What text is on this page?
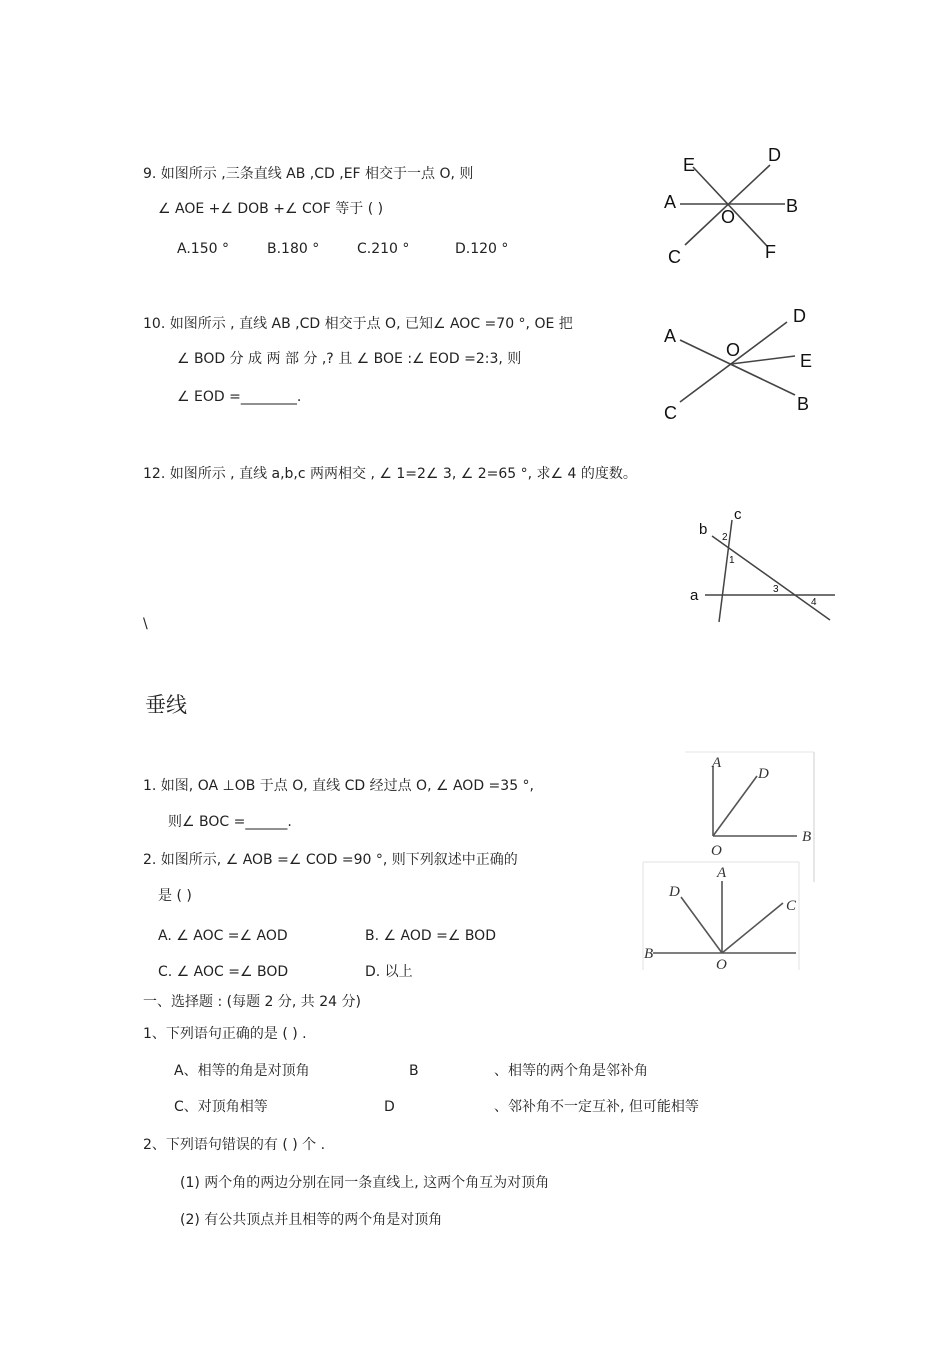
9. 如图所示 ,三条直线 AB ,CD ,EF 相交于一点 O, 则
∠ AOE +∠ DOB +∠ COF 等于 ( )
A.150 °	B.180 °	C.210 °	D.120 °
E	D
A
O
B
C	F
10. 如图所示 , 直线 AB ,CD 相交于点 O, 已知∠ AOC =70 °, OE 把
∠ BOD 分 成 两 部 分 ,? 且 ∠ BOE :∠ EOD =2:3, 则
∠ EOD =________.
A
D
O
E
C	B
12. 如图所示 , 直线 a,b,c 两两相交 , ∠ 1=2∠ 3, ∠ 2=65 °, 求∠ 4 的度数。
\
b
c
a
1
2
3
4
垂线
1. 如图, OA ⊥OB 于点 O, 直线 CD 经过点 O, ∠ AOD =35 °,
则∠ BOC =______.
A
D
O
B
2. 如图所示, ∠ AOB =∠ COD =90 °, 则下列叙述中正确的
是 ( )
A. ∠ AOC =∠ AOD	B. ∠ AOD =∠ BOD
C. ∠ AOC =∠ BOD	D. 以上
D
A
C
B
O
一、选择题 : (每题 2 分, 共 24 分)
1、下列语句正确的是 ( ) .
A、相等的角是对顶角	B	、相等的两个角是邻补角
C、对顶角相等	D	、邻补角不一定互补, 但可能相等
2、下列语句错误的有 ( ) 个 .
(1) 两个角的两边分别在同一条直线上, 这两个角互为对顶角
(2) 有公共顶点并且相等的两个角是对顶角
